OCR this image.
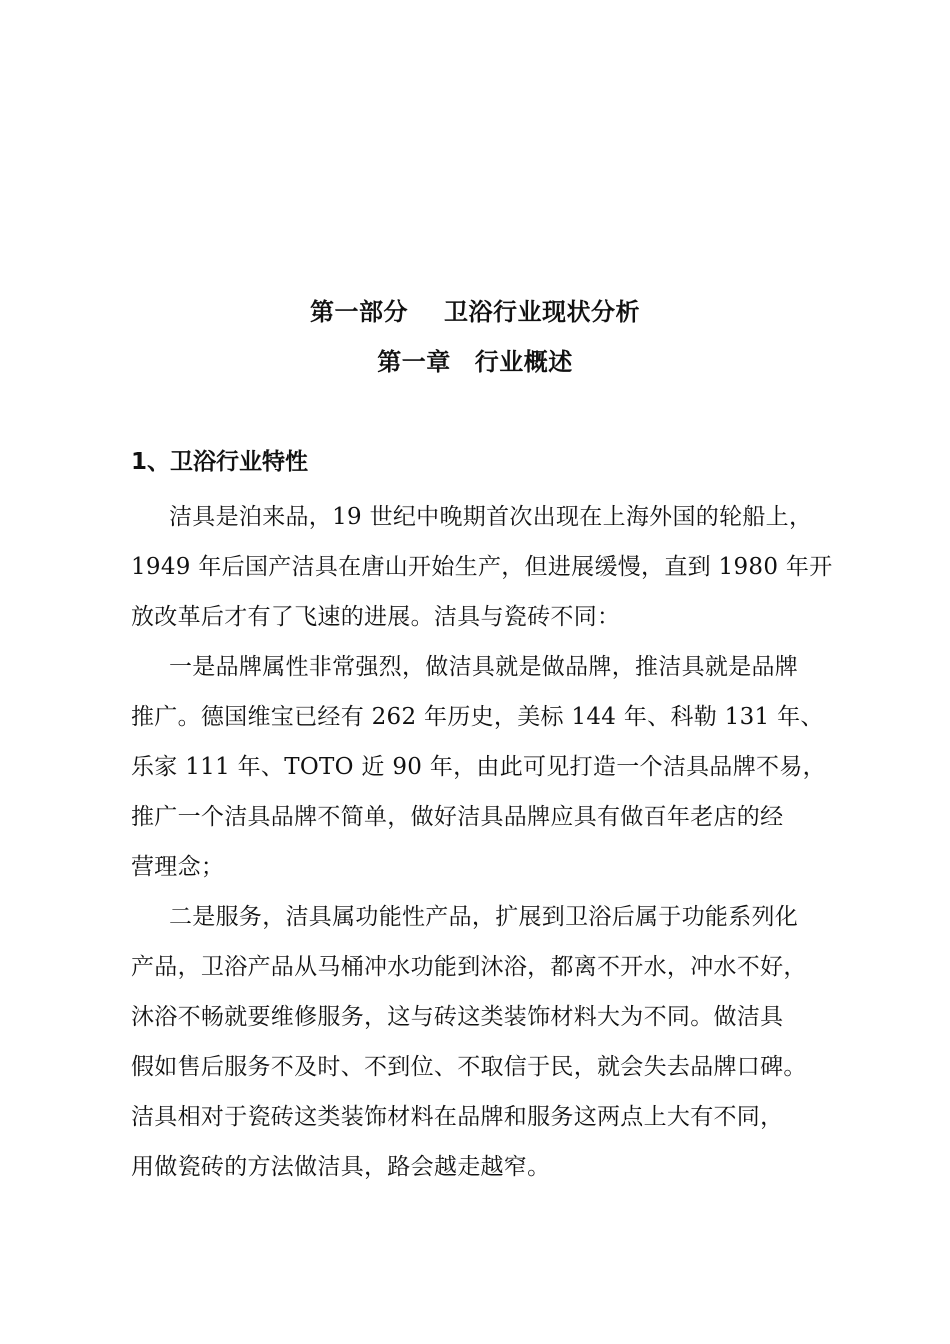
第一部分 卫浴行业现状分析
第一章 行业概述
1、卫浴行业特性
洁具是泊来品，19 世纪中晚期首次出现在上海外国的轮船上，
1949 年后国产洁具在唐山开始生产，但进展缓慢，直到 1980 年开
放改革后才有了飞速的进展。洁具与瓷砖不同：
一是品牌属性非常强烈，做洁具就是做品牌，推洁具就是品牌
推广。德国维宝已经有 262 年历史，美标 144 年、科勒 131 年、
乐家 111 年、TOTO 近 90 年，由此可见打造一个洁具品牌不易，
推广一个洁具品牌不简单，做好洁具品牌应具有做百年老店的经
营理念；
二是服务，洁具属功能性产品，扩展到卫浴后属于功能系列化
产品，卫浴产品从马桶冲水功能到沐浴，都离不开水，冲水不好，
沐浴不畅就要维修服务，这与砖这类装饰材料大为不同。做洁具
假如售后服务不及时、不到位、不取信于民，就会失去品牌口碑。
洁具相对于瓷砖这类装饰材料在品牌和服务这两点上大有不同，
用做瓷砖的方法做洁具，路会越走越窄。
